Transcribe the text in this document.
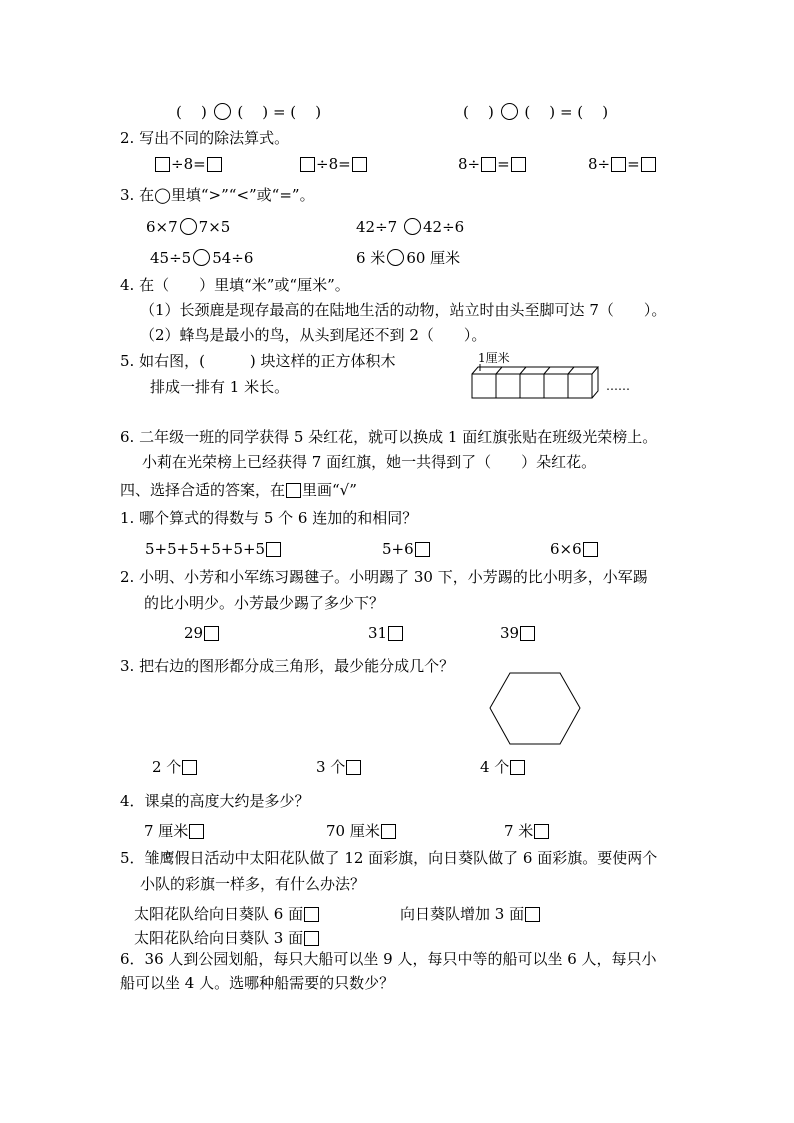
( ) ( ) = ( )	( ) ( ) = ( )
2. 写出不同的除法算式。
÷8=	÷8=	8÷ =	8÷ =
3. 在◯里填“>”“<”或“=”。
6×7 7×5	42÷7 42÷6
45÷5 54÷6	6 米 60 厘米
4. 在（　　）里填“米”或“厘米”。
（1）长颈鹿是现存最高的在陆地生活的动物，站立时由头至脚可达 7（　　）。
（2）蜂鸟是最小的鸟，从头到尾还不到 2（　　）。
5. 如右图，(　　　) 块这样的正方体积木
排成一排有 1 米长。
1厘米
……
6. 二年级一班的同学获得 5 朵红花，就可以换成 1 面红旗张贴在班级光荣榜上。
小莉在光荣榜上已经获得 7 面红旗，她一共得到了（　　）朵红花。
四、选择合适的答案，在 里画“√”
1. 哪个算式的得数与 5 个 6 连加的和相同？
5+5+5+5+5+5	5+6	6×6
2. 小明、小芳和小军练习踢毽子。小明踢了 30 下，小芳踢的比小明多，小军踢
的比小明少。小芳最少踢了多少下？
29	31	39
3. 把右边的图形都分成三角形，最少能分成几个？
2 个	3 个	4 个
4．课桌的高度大约是多少？
7 厘米	70 厘米	7 米
5．雏鹰假日活动中太阳花队做了 12 面彩旗，向日葵队做了 6 面彩旗。要使两个
小队的彩旗一样多，有什么办法？
太阳花队给向日葵队 6 面	向日葵队增加 3 面
太阳花队给向日葵队 3 面
6．36 人到公园划船，每只大船可以坐 9 人，每只中等的船可以坐 6 人，每只小
船可以坐 4 人。选哪种船需要的只数少？
